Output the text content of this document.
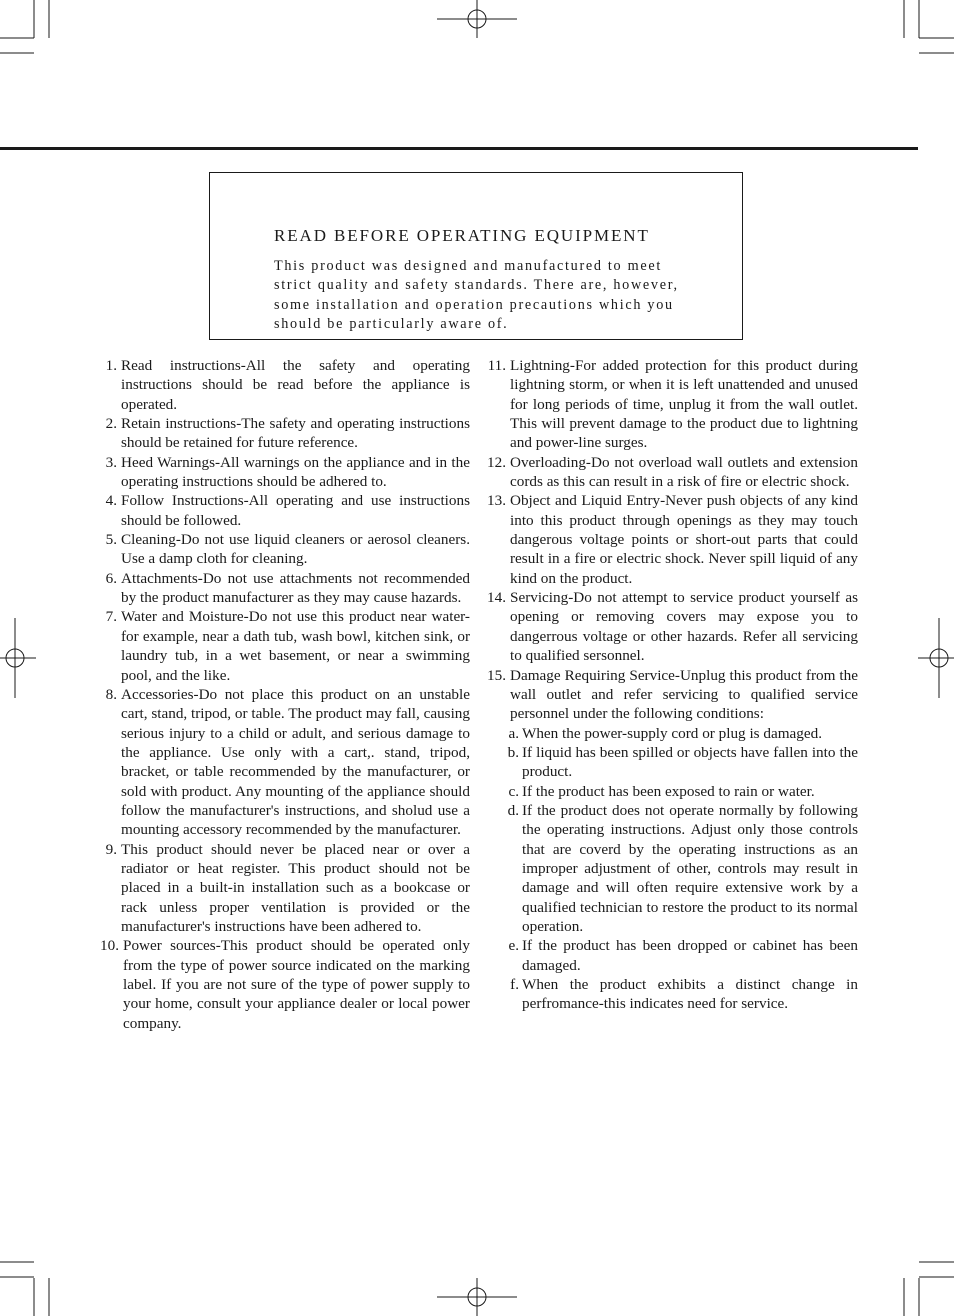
READ BEFORE OPERATING EQUIPMENT
This product was designed and manufactured to meet
strict quality and safety standards. There are, however,
some installation and operation precautions which you
should be particularly aware of.
1. Read instructions-All the safety and operating instructions should be read before the appliance is operated.
2. Retain instructions-The safety and operating instructions should be retained for future reference.
3. Heed Warnings-All warnings on the appliance and in the operating instructions should be adhered to.
4. Follow Instructions-All operating and use instructions should be followed.
5. Cleaning-Do not use liquid cleaners or aerosol cleaners. Use a damp cloth for cleaning.
6. Attachments-Do not use attachments not recommended by the product manufacturer as they may cause hazards.
7. Water and Moisture-Do not use this product near water-for example, near a dath tub, wash bowl, kitchen sink, or laundry tub, in a wet basement, or near a swimming pool, and the like.
8. Accessories-Do not place this product on an unstable cart, stand, tripod, or table. The product may fall, causing serious injury to a child or adult, and serious damage to the appliance. Use only with a cart,. stand, tripod, bracket, or table recommended by the manufacturer, or sold with product. Any mounting of the appliance should follow the manufacturer's instructions, and sholud use a mounting accessory recommended by the manufacturer.
9. This product should never be placed near or over a radiator or heat register. This product should not be placed in a built-in installation such as a bookcase or rack unless proper ventilation is provided or the manufacturer's instructions have been adhered to.
10. Power sources-This product should be operated only from the type of power source indicated on the marking label. If you are not sure of the type of power supply to your home, consult your appliance dealer or local power company.
11. Lightning-For added protection for this product during lightning storm, or when it is left unattended and unused for long periods of time, unplug it from the wall outlet. This will prevent damage to the product due to lightning and power-line surges.
12. Overloading-Do not overload wall outlets and extension cords as this can result in a risk of fire or electric shock.
13. Object and Liquid Entry-Never push objects of any kind into this product through openings as they may touch dangerous voltage points or short-out parts that could result in a fire or electric shock. Never spill liquid of any kind on the product.
14. Servicing-Do not attempt to service product yourself as opening or removing covers may expose you to dangerrous voltage or other hazards. Refer all servicing to qualified sersonnel.
15. Damage Requiring Service-Unplug this product from the wall outlet and refer servicing to qualified service personnel under the following conditions:
a. When the power-supply cord or plug is damaged.
b. If liquid has been spilled or objects have fallen into the product.
c. If the product has been exposed to rain or water.
d. If the product does not operate normally by following the operating instructions. Adjust only those controls that are coverd by the operating instructions as an improper adjustment of other, controls may result in damage and will often require extensive work by a qualified technician to restore the product to its normal operation.
e. If the product has been dropped or cabinet has been damaged.
f. When the product exhibits a distinct change in perfromance-this indicates need for service.
